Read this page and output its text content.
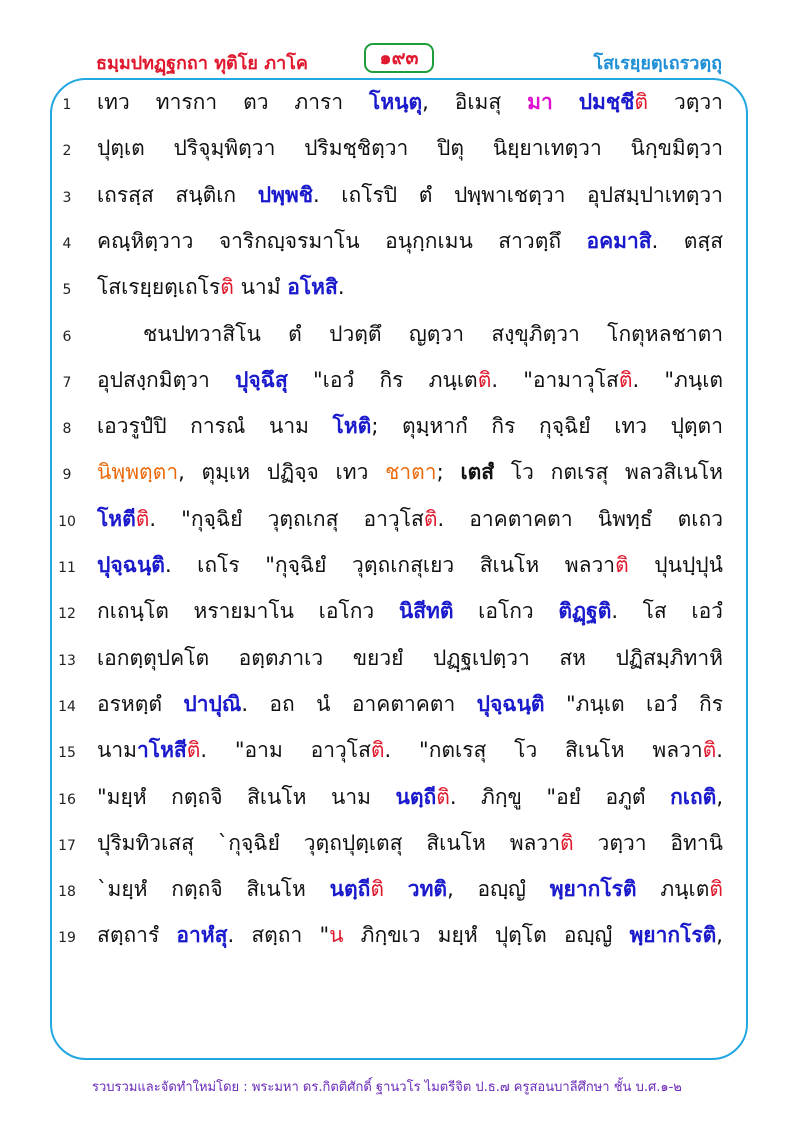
ธมฺมปทฏฺฐกถา ทุติโย ภาโค	๑๙๓	โสเรยฺยตฺเถรวตฺถุ
1	เทว ทารกา ตว ภารา โหนฺตุ, อิเมสุ มา ปมชฺชีติ วตฺวา
2	ปุตฺเต ปริจุมฺพิตฺวา ปริมชฺชิตฺวา ปิตุ นิยฺยาเทตฺวา นิกฺขมิตฺวา
3	เถรสฺส สนฺติเก ปพฺพชิ. เถโรปิ ตํ ปพฺพาเชตฺวา อุปสมฺปาเทตฺวา
4	คณฺหิตฺวาว จาริกญฺจรมาโน อนุกฺกเมน สาวตฺถึ อคมาสิ. ตสฺส
5	โสเรยฺยตฺเถโรติ นามํ อโหสิ.
6	ชนปทวาสิโน ตํ ปวตฺตึ ญตฺวา สงฺขุภิตฺวา โกตุหลชาตา
7	อุปสงฺกมิตฺวา ปุจฺฉึสุ "เอวํ กิร ภนฺเตติ. "อามาวุโสติ. "ภนฺเต
8	เอวรูปํปิ การณํ นาม โหติ; ตุมฺหากํ กิร กุจฺฉิยํ เทว ปุตฺตา
9	นิพฺพตฺตา, ตุมฺเห ปฏิจฺจ เทว ชาตา; เตสํ โว กตเรสุ พลวสิเนโห
10 โหตีติ. "กุจฺฉิยํ วุตฺถเกสุ อาวุโสติ. อาคตาคตา นิพทฺธํ ตเถว
11 ปุจฺฉนฺติ. เถโร "กุจฺฉิยํ วุตฺถเกสุเยว สิเนโห พลวาติ ปุนปฺปุนํ
12 กเถนฺโต หรายมาโน เอโกว นิสีทติ เอโกว ติฏฺฐติ. โส เอวํ
13 เอกตฺตุปคโต อตฺตภาเว ขยวยํ ปฏฺฐเปตฺวา สห ปฏิสมฺภิทาหิ
14 อรหตฺตํ ปาปุณิ. อถ นํ อาคตาคตา ปุจฺฉนฺติ "ภนฺเต เอวํ กิร
15 นามาโหสีติ. "อาม อาวุโสติ. "กตเรสุ โว สิเนโห พลวาติ.
16 "มยฺหํ กตฺถจิ สิเนโห นาม นตฺถีติ. ภิกฺขู "อยํ อภูตํ กเถติ,
17 ปุริมทิวเสสุ `กุจฺฉิยํ วุตฺถปุตฺเตสุ สิเนโห พลวาติ วตฺวา อิทานิ
18 `มยฺหํ กตฺถจิ สิเนโห นตฺถีติ วทติ, อญฺญํ พฺยากโรติ ภนฺเตติ
19 สตฺถารํ อาหํสุ. สตฺถา "น ภิกฺขเว มยฺหํ ปุตฺโต อญฺญํ พฺยากโรติ,
รวบรวมและจัดทำใหม่โดย : พระมหา ดร.กิตติศักดิ์ ฐานวโร ไมตรีจิต ป.ธ.๗ ครูสอนบาลีศึกษา ชั้น บ.ศ.๑-๒
